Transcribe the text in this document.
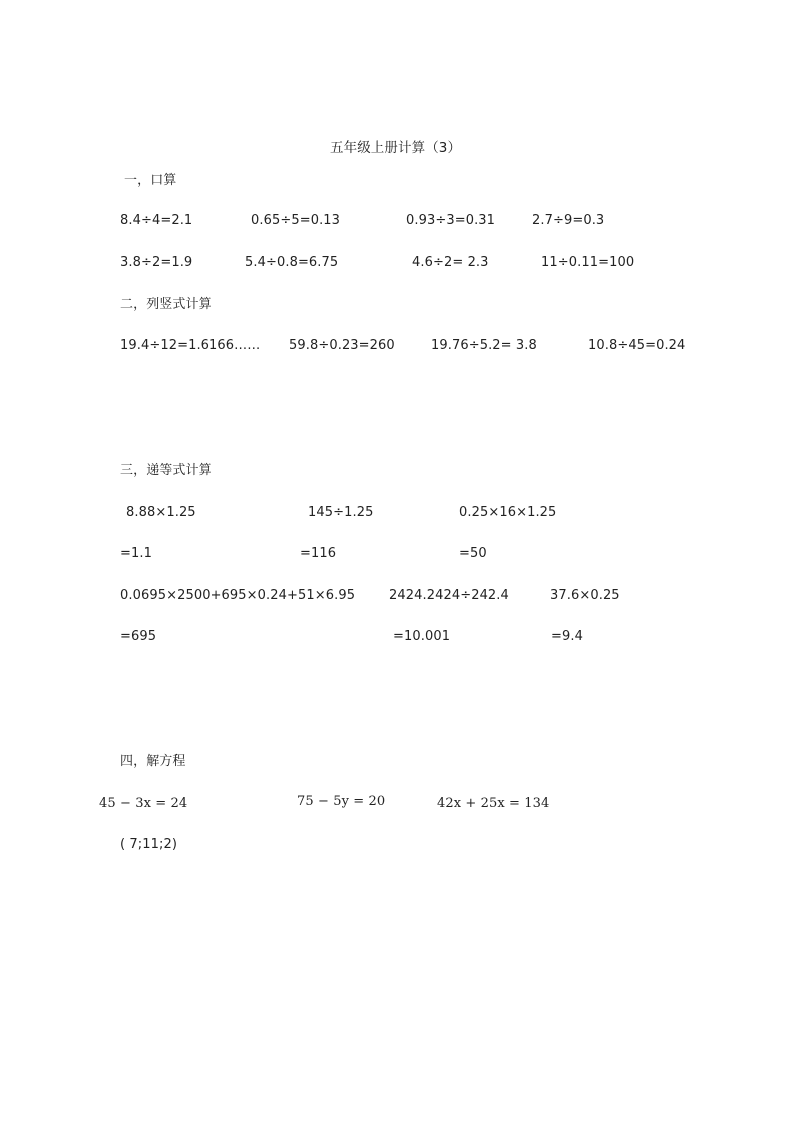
五年级上册计算（3）
一，口算
8.4÷4=2.1	0.65÷5=0.13	0.93÷3=0.31	2.7÷9=0.3
3.8÷2=1.9	5.4÷0.8=6.75	4.6÷2= 2.3	11÷0.11=100
二，列竖式计算
19.4÷12=1.6166…… 59.8÷0.23=260	19.76÷5.2= 3.8	10.8÷45=0.24
三，递等式计算
8.88×1.25	145÷1.25	0.25×16×1.25
=1.1	=116	=50
0.0695×2500+695×0.24+51×6.95	2424.2424÷242.4	37.6×0.25
=695	=10.001	=9.4
四，解方程
45 − 3x = 24	75 − 5y = 20	42x + 25x = 134
( 7;11;2)
